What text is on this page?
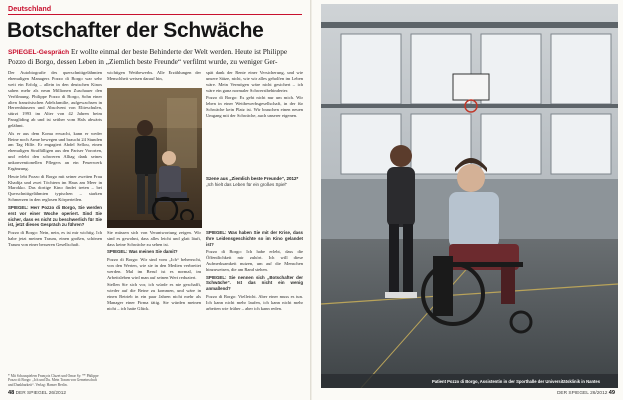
Deutschland
Botschafter der Schwäche
SPIEGEL-Gespräch Er wollte einmal der beste Behinderte der Welt werden. Heute ist Philippe Pozzo di Borgo, dessen Leben in „Ziemlich beste Freunde“ verfilmt wurde, zu weniger Ger-

Der Autobiografie des querschnittgelähmten ehemaligen Managers Pozzo di Borgo war sehr weit ein Erfolg – allein in den deutschen Kinos sahen mehr als neun Millionen Zuschauer den Verfilmung. Philippe Pozzo di Borgo, Sohn einer alten französischen Adelsfamilie, aufgewachsen in Herrenhäusern und Absolvent von Eliteschulen, stürzt 1993 im Alter von 42 Jahren beim Paragliding ab und ist seither vom Hals abwärts gelähmt.

Als er aus dem Koma erwacht, kann er weder Beine noch Arme bewegen und braucht 24 Stunden am Tag Hilfe. Er engagiert Abdel Sellou, einen ehemaligen Straffälligen aus den Pariser Vororten, und erlebt den schweren Alltag dank seines unkonventionellen Pflegers an ein Feuerwerk Ergänzung.

Heute lebt Pozzo di Borgo mit seiner zweiten Frau Khadija und zwei Töchtern im Haus am Meer in Marokko. Das dortige Kino findet treten – bei Querschnittgelähmten typischen – starken Schmerzen in den reglosen Körperteilen.

SPIEGEL: Herr Pozzo di Borgo, Sie werden erst vor einer Woche operiert. Sind Sie sicher, dass es nicht zu beschwerlich für Sie ist, jetzt dieses Gespräch zu führen?

Pozzo di Borgo: Nein, nein, es ist mir wichtig. Ich habe jetzt meinen Traum, einen großen, schönen Traum von einer besseren Gesellschaft.

wichtigen Wettbewerbs. Alle Erzählungen der Menschheit weisen darauf hin,

Sie müssen sich von Verantwortung zeigen. Wir sind es gewohnt, dass alles leicht und glatt läuft, dass keine Schwäche zu sehen ist.

SPIEGEL: Was meinen Sie damit?

Pozzo di Borgo: Wir sind vom „Ich“ beherrscht, von den Werten, wie sie in den Medien verbreitet werden. Mal im Beruf ist es normal, im Arbeitsleben wird man auf seinen Wert reduziert.

Stellen Sie sich vor, ich würde es nie geschafft, wieder auf die Beine zu kommen, und wäre in einen Betrieb in ein paar Jahren nicht mehr als Manager einer Firma tätig. Sie würden meinen nicht – ich hatte Glück.

spät dank der Rente einer Versicherung, und wie unsere Sätze, nicht, wie wir alles geholfen im Leben wäre. Mein Vermögen wäre nicht gesichert – ich wäre ein ganz normaler Schwerstbehinderter.

Pozzo di Borgo: Es geht nicht nur um mich. Wir leben in einer Wettbewerbsgesellschaft, in der für Schwäche kein Platz ist. Wir brauchen einen neuen Umgang mit der Schwäche, auch unserer eigenen.

Szene aus „Ziemlich beste Freunde“, 2012*
„Ich hielt das Leben für ein großes Spiel“

SPIEGEL: Was haben Sie mit der Krise, dass Ihre Leidensgeschichte so im Kino gelandet ist?

Pozzo di Borgo: Ich habe erlebt, dass die Öffentlichkeit mir zuhört. Ich will diese Aufmerksamkeit nutzen, um auf die Menschen hinzuweisen, die am Rand stehen.

SPIEGEL: Sie nennen sich „Botschafter der Schwäche“. Ist das nicht ein wenig anmaßend?

Pozzo di Borgo: Vielleicht. Aber einer muss es tun. Ich kann nicht mehr laufen, ich kann nicht mehr arbeiten wie früher – aber ich kann reden.

* Mit Schauspielern François Cluzet und Omar Sy. ** Philippe Pozzo di Borgo: „Ich und Du. Mein Traum von Gemeinschaft und Dankbarkeit“. Verlag: Hanser Berlin.
48 DER SPIEGEL 26/2012
Patient Pozzo di Borgo, Assistentin in der Sporthalle der Universitätsklinik in Nantes
DER SPIEGEL 26/2012 49
